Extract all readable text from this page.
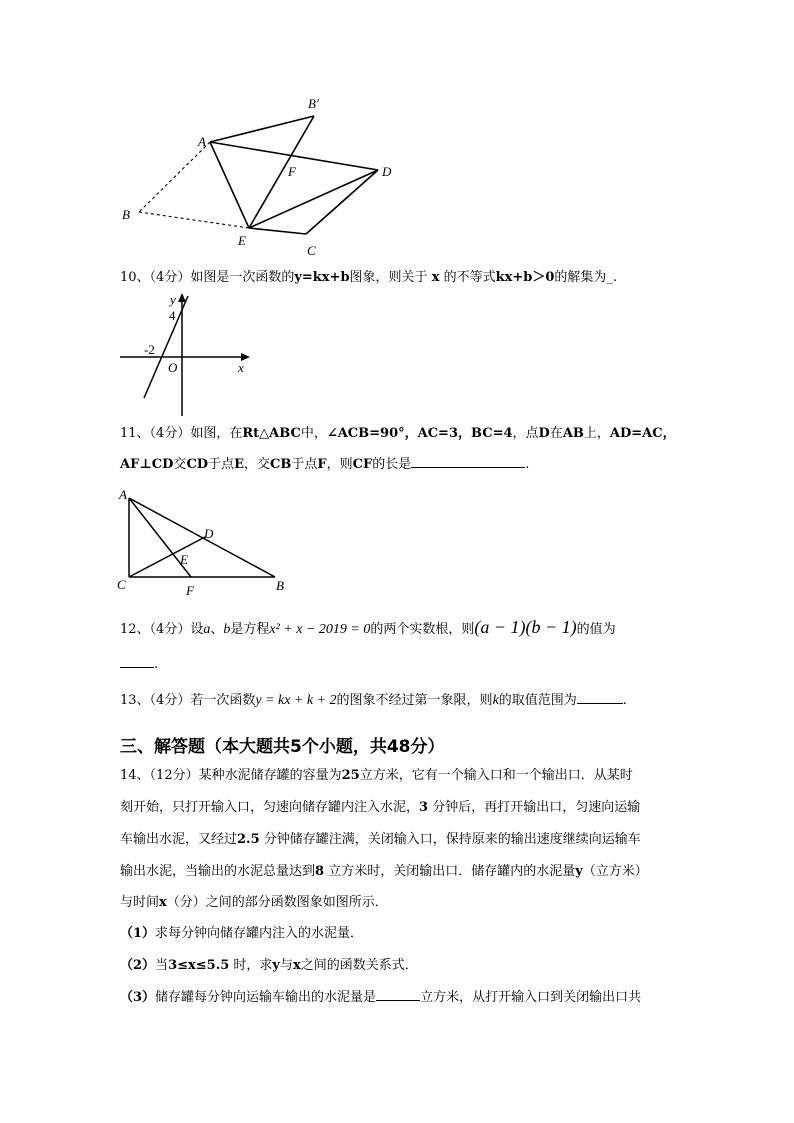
A
B′
F	D
B
E
C
10、（4分）如图是一次函数的y=kx+b图象，则关于 x 的不等式kx+b＞0的解集为_.
y
4
-2
O	x
11、（4分）如图，在Rt△ABC中，∠ACB=90°，AC=3，BC=4，点D在AB上，AD=AC，
AF⊥CD交CD于点E，交CB于点F，则CF的长是	.
A
D
E
C	F	B
12、（4分）设a、b是方程x² + x − 2019 = 0的两个实数根，则(a − 1)(b − 1)的值为
.
13、（4分）若一次函数y = kx + k + 2的图象不经过第一象限，则k的取值范围为	.
三、解答题（本大题共5个小题，共48分）
14、（12分）某种水泥储存罐的容量为25立方米，它有一个输入口和一个输出口．从某时
刻开始，只打开输入口，匀速向储存罐内注入水泥，3 分钟后，再打开输出口，匀速向运输
车输出水泥，又经过2.5 分钟储存罐注满，关闭输入口，保持原来的输出速度继续向运输车
输出水泥，当输出的水泥总量达到8 立方米时，关闭输出口．储存罐内的水泥量y（立方米）
与时间x（分）之间的部分函数图象如图所示．
（1）求每分钟向储存罐内注入的水泥量．
（2）当3≤x≤5.5 时，求y与x之间的函数关系式．
（3）储存罐每分钟向运输车输出的水泥量是	立方米，从打开输入口到关闭输出口共
